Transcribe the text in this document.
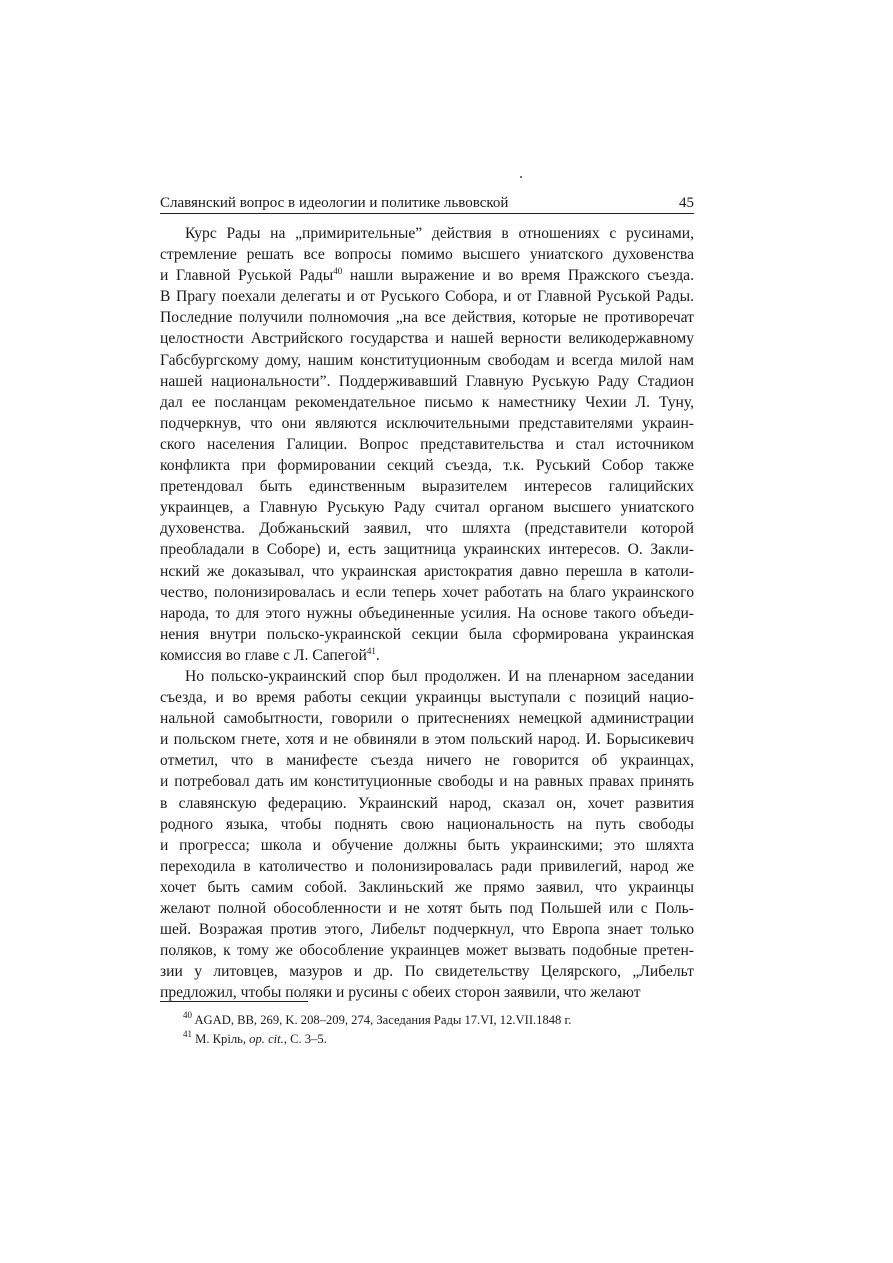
Славянский вопрос в идеологии и политике львовской	45
Курс Рады на „примирительные” действия в отношениях с русинами,
стремление решать все вопросы помимо высшего униатского духовенства
и Главной Руськой Рады$^{40}$ нашли выражение и во время Пражского съезда.
В Прагу поехали делегаты и от Руського Собора, и от Главной Руськой Рады.
Последние получили полномочия „на все действия, которые не противоречат
целостности Австрийского государства и нашей верности великодержавному
Габсбургскому дому, нашим конституционным свободам и всегда милой нам
нашей национальности”. Поддерживавший Главную Руськую Раду Стадион
дал ее посланцам рекомендательное письмо к наместнику Чехии Л. Туну,
подчеркнув, что они являются исключительными представителями украин-
ского населения Галиции. Вопрос представительства и стал источником
конфликта при формировании секций съезда, т.к. Руський Собор также
претендовал быть единственным выразителем интересов галицийских
украинцев, а Главную Руськую Раду считал органом высшего униатского
духовенства. Добжаньский заявил, что шляхта (представители которой
преобладали в Соборе) и, есть защитница украинских интересов. О. Закли-
нский же доказывал, что украинская аристократия давно перешла в католи-
чество, полонизировалась и если теперь хочет работать на благо украинского
народа, то для этого нужны объединенные усилия. На основе такого объеди-
нения внутри польско-украинской секции была сформирована украинская
комиссия во главе с Л. Сапегой$^{41}$.
Но польско-украинский спор был продолжен. И на пленарном заседании
съезда, и во время работы секции украинцы выступали с позиций нацио-
нальной самобытности, говорили о притеснениях немецкой администрации
и польском гнете, хотя и не обвиняли в этом польский народ. И. Борысикевич
отметил, что в манифесте съезда ничего не говорится об украинцах,
и потребовал дать им конституционные свободы и на равных правах принять
в славянскую федерацию. Украинский народ, сказал он, хочет развития
родного языка, чтобы поднять свою национальность на путь свободы
и прогресса; школа и обучение должны быть украинскими; это шляхта
переходила в католичество и полонизировалась ради привилегий, народ же
хочет быть самим собой. Заклиньский же прямо заявил, что украинцы
желают полной обособленности и не хотят быть под Польшей или с Поль-
шей. Возражая против этого, Либельт подчеркнул, что Европа знает только
поляков, к тому же обособление украинцев может вызвать подобные претен-
зии у литовцев, мазуров и др. По свидетельству Целярского, „Либельт
предложил, чтобы поляки и русины с обеих сторон заявили, что желают
$^{40}$ AGAD, BB, 269, K. 208–209, 274, Заседания Рады 17.VI, 12.VII.1848 г.
$^{41}$ M. Кріль, op. cit., С. 3–5.
